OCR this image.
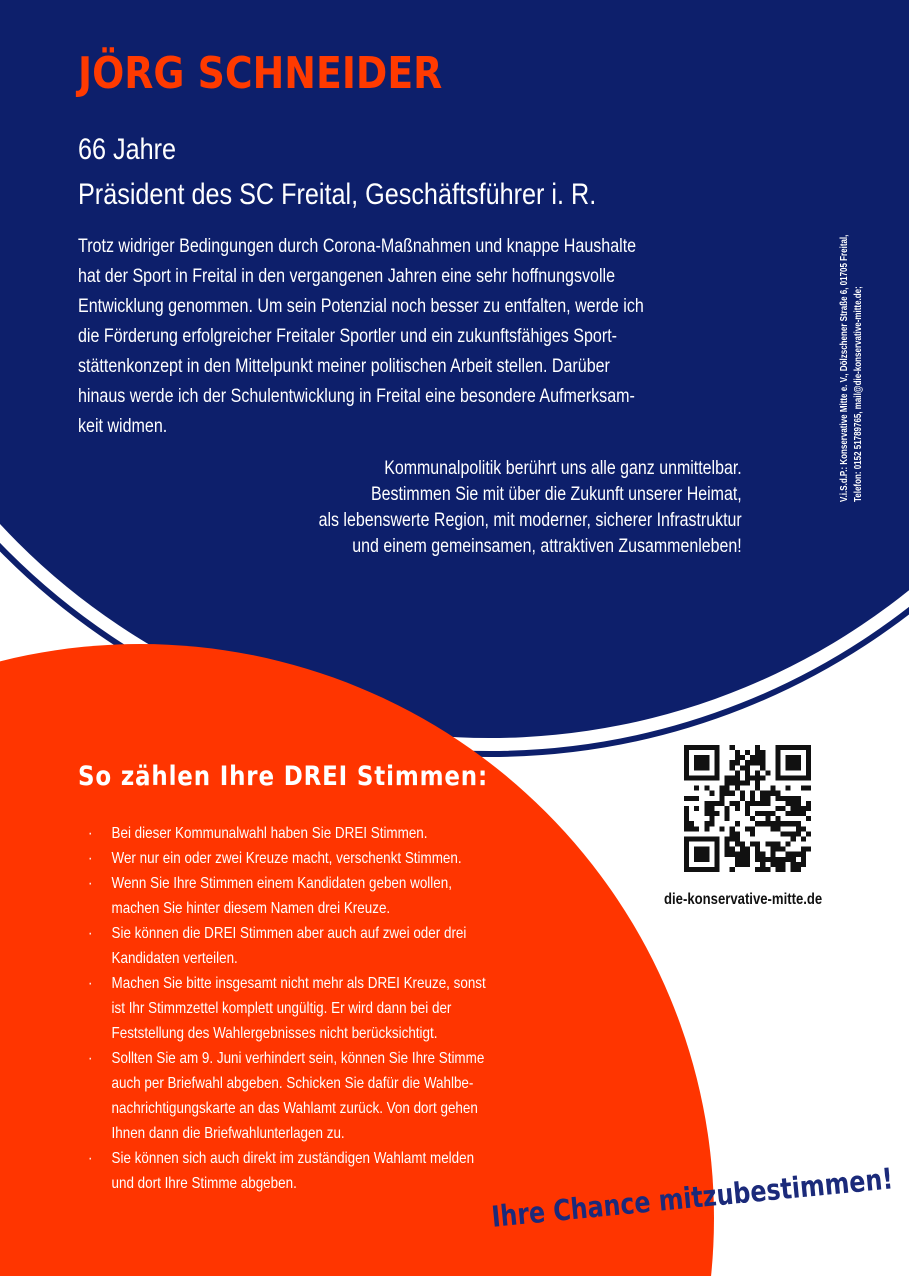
JÖRG SCHNEIDER
66 Jahre
Präsident des SC Freital, Geschäftsführer i. R.

Trotz widriger Bedingungen durch Corona-Maßnahmen und knappe Haushalte
hat der Sport in Freital in den vergangenen Jahren eine sehr hoffnungsvolle
Entwicklung genommen. Um sein Potenzial noch besser zu entfalten, werde ich
die Förderung erfolgreicher Freitaler Sportler und ein zukunftsfähiges Sport-
stättenkonzept in den Mittelpunkt meiner politischen Arbeit stellen. Darüber
hinaus werde ich der Schulentwicklung in Freital eine besondere Aufmerksam-
keit widmen.

Kommunalpolitik berührt uns alle ganz unmittelbar.
Bestimmen Sie mit über die Zukunft unserer Heimat,
als lebenswerte Region, mit moderner, sicherer Infrastruktur
und einem gemeinsamen, attraktiven Zusammenleben!

V.i.S.d.P.: Konservative Mitte e. V., Dölzschener Straße 6, 01705 Freital, Telefon: 0152 51789765, mail@die-konservative-mitte.de;
So zählen Ihre DREI Stimmen:
· Bei dieser Kommunalwahl haben Sie DREI Stimmen.
· Wer nur ein oder zwei Kreuze macht, verschenkt Stimmen.
· Wenn Sie Ihre Stimmen einem Kandidaten geben wollen,
machen Sie hinter diesem Namen drei Kreuze.
· Sie können die DREI Stimmen aber auch auf zwei oder drei
Kandidaten verteilen.
· Machen Sie bitte insgesamt nicht mehr als DREI Kreuze, sonst
ist Ihr Stimmzettel komplett ungültig. Er wird dann bei der
Feststellung des Wahlergebnisses nicht berücksichtigt.
· Sollten Sie am 9. Juni verhindert sein, können Sie Ihre Stimme
auch per Briefwahl abgeben. Schicken Sie dafür die Wahlbe-
nachrichtigungskarte an das Wahlamt zurück. Von dort gehen
Ihnen dann die Briefwahlunterlagen zu.
· Sie können sich auch direkt im zuständigen Wahlamt melden
und dort Ihre Stimme abgeben.
die-konservative-mitte.de
Ihre Chance mitzubestimmen!
